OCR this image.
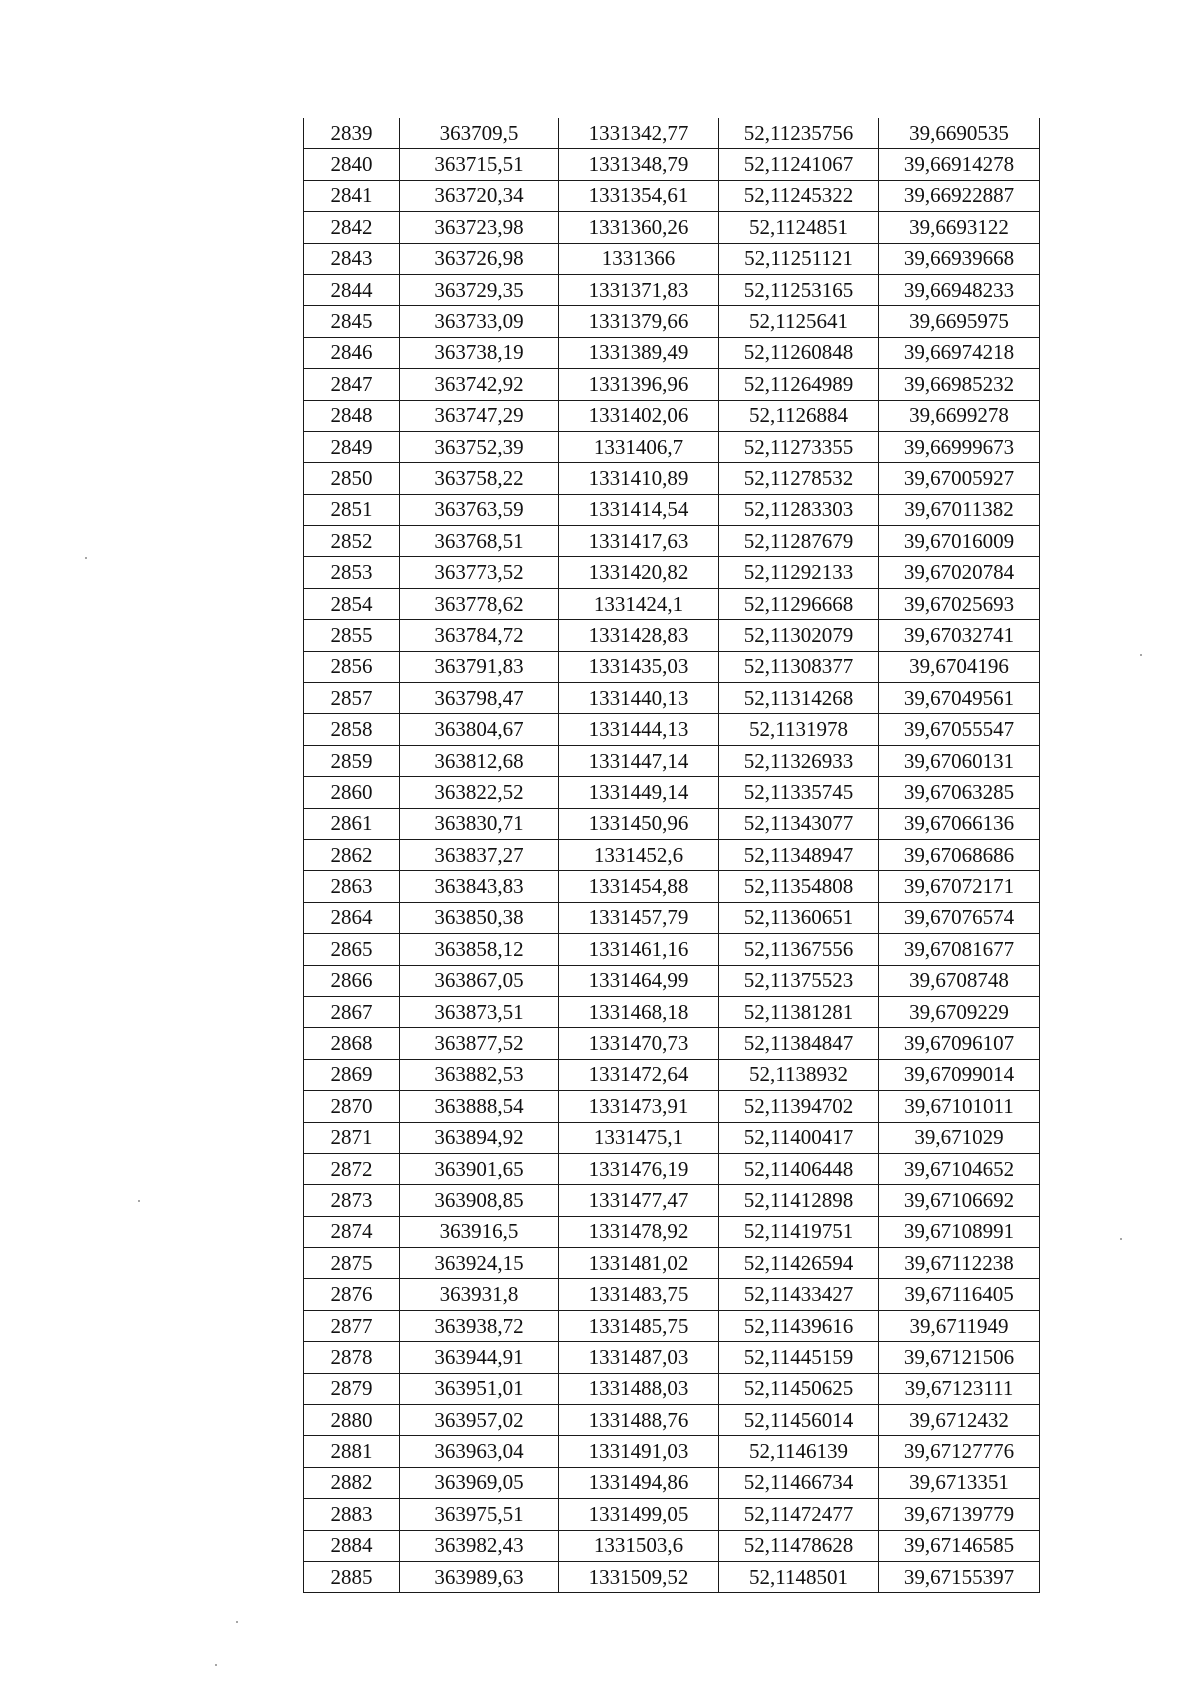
2839	363709,5	1331342,77	52,11235756	39,6690535
2840	363715,51	1331348,79	52,11241067	39,66914278
2841	363720,34	1331354,61	52,11245322	39,66922887
2842	363723,98	1331360,26	52,1124851	39,6693122
2843	363726,98	1331366	52,11251121	39,66939668
2844	363729,35	1331371,83	52,11253165	39,66948233
2845	363733,09	1331379,66	52,1125641	39,6695975
2846	363738,19	1331389,49	52,11260848	39,66974218
2847	363742,92	1331396,96	52,11264989	39,66985232
2848	363747,29	1331402,06	52,1126884	39,6699278
2849	363752,39	1331406,7	52,11273355	39,66999673
2850	363758,22	1331410,89	52,11278532	39,67005927
2851	363763,59	1331414,54	52,11283303	39,67011382
2852	363768,51	1331417,63	52,11287679	39,67016009
2853	363773,52	1331420,82	52,11292133	39,67020784
2854	363778,62	1331424,1	52,11296668	39,67025693
2855	363784,72	1331428,83	52,11302079	39,67032741
2856	363791,83	1331435,03	52,11308377	39,6704196
2857	363798,47	1331440,13	52,11314268	39,67049561
2858	363804,67	1331444,13	52,1131978	39,67055547
2859	363812,68	1331447,14	52,11326933	39,67060131
2860	363822,52	1331449,14	52,11335745	39,67063285
2861	363830,71	1331450,96	52,11343077	39,67066136
2862	363837,27	1331452,6	52,11348947	39,67068686
2863	363843,83	1331454,88	52,11354808	39,67072171
2864	363850,38	1331457,79	52,11360651	39,67076574
2865	363858,12	1331461,16	52,11367556	39,67081677
2866	363867,05	1331464,99	52,11375523	39,6708748
2867	363873,51	1331468,18	52,11381281	39,6709229
2868	363877,52	1331470,73	52,11384847	39,67096107
2869	363882,53	1331472,64	52,1138932	39,67099014
2870	363888,54	1331473,91	52,11394702	39,67101011
2871	363894,92	1331475,1	52,11400417	39,671029
2872	363901,65	1331476,19	52,11406448	39,67104652
2873	363908,85	1331477,47	52,11412898	39,67106692
2874	363916,5	1331478,92	52,11419751	39,67108991
2875	363924,15	1331481,02	52,11426594	39,67112238
2876	363931,8	1331483,75	52,11433427	39,67116405
2877	363938,72	1331485,75	52,11439616	39,6711949
2878	363944,91	1331487,03	52,11445159	39,67121506
2879	363951,01	1331488,03	52,11450625	39,67123111
2880	363957,02	1331488,76	52,11456014	39,6712432
2881	363963,04	1331491,03	52,1146139	39,67127776
2882	363969,05	1331494,86	52,11466734	39,6713351
2883	363975,51	1331499,05	52,11472477	39,67139779
2884	363982,43	1331503,6	52,11478628	39,67146585
2885	363989,63	1331509,52	52,1148501	39,67155397
